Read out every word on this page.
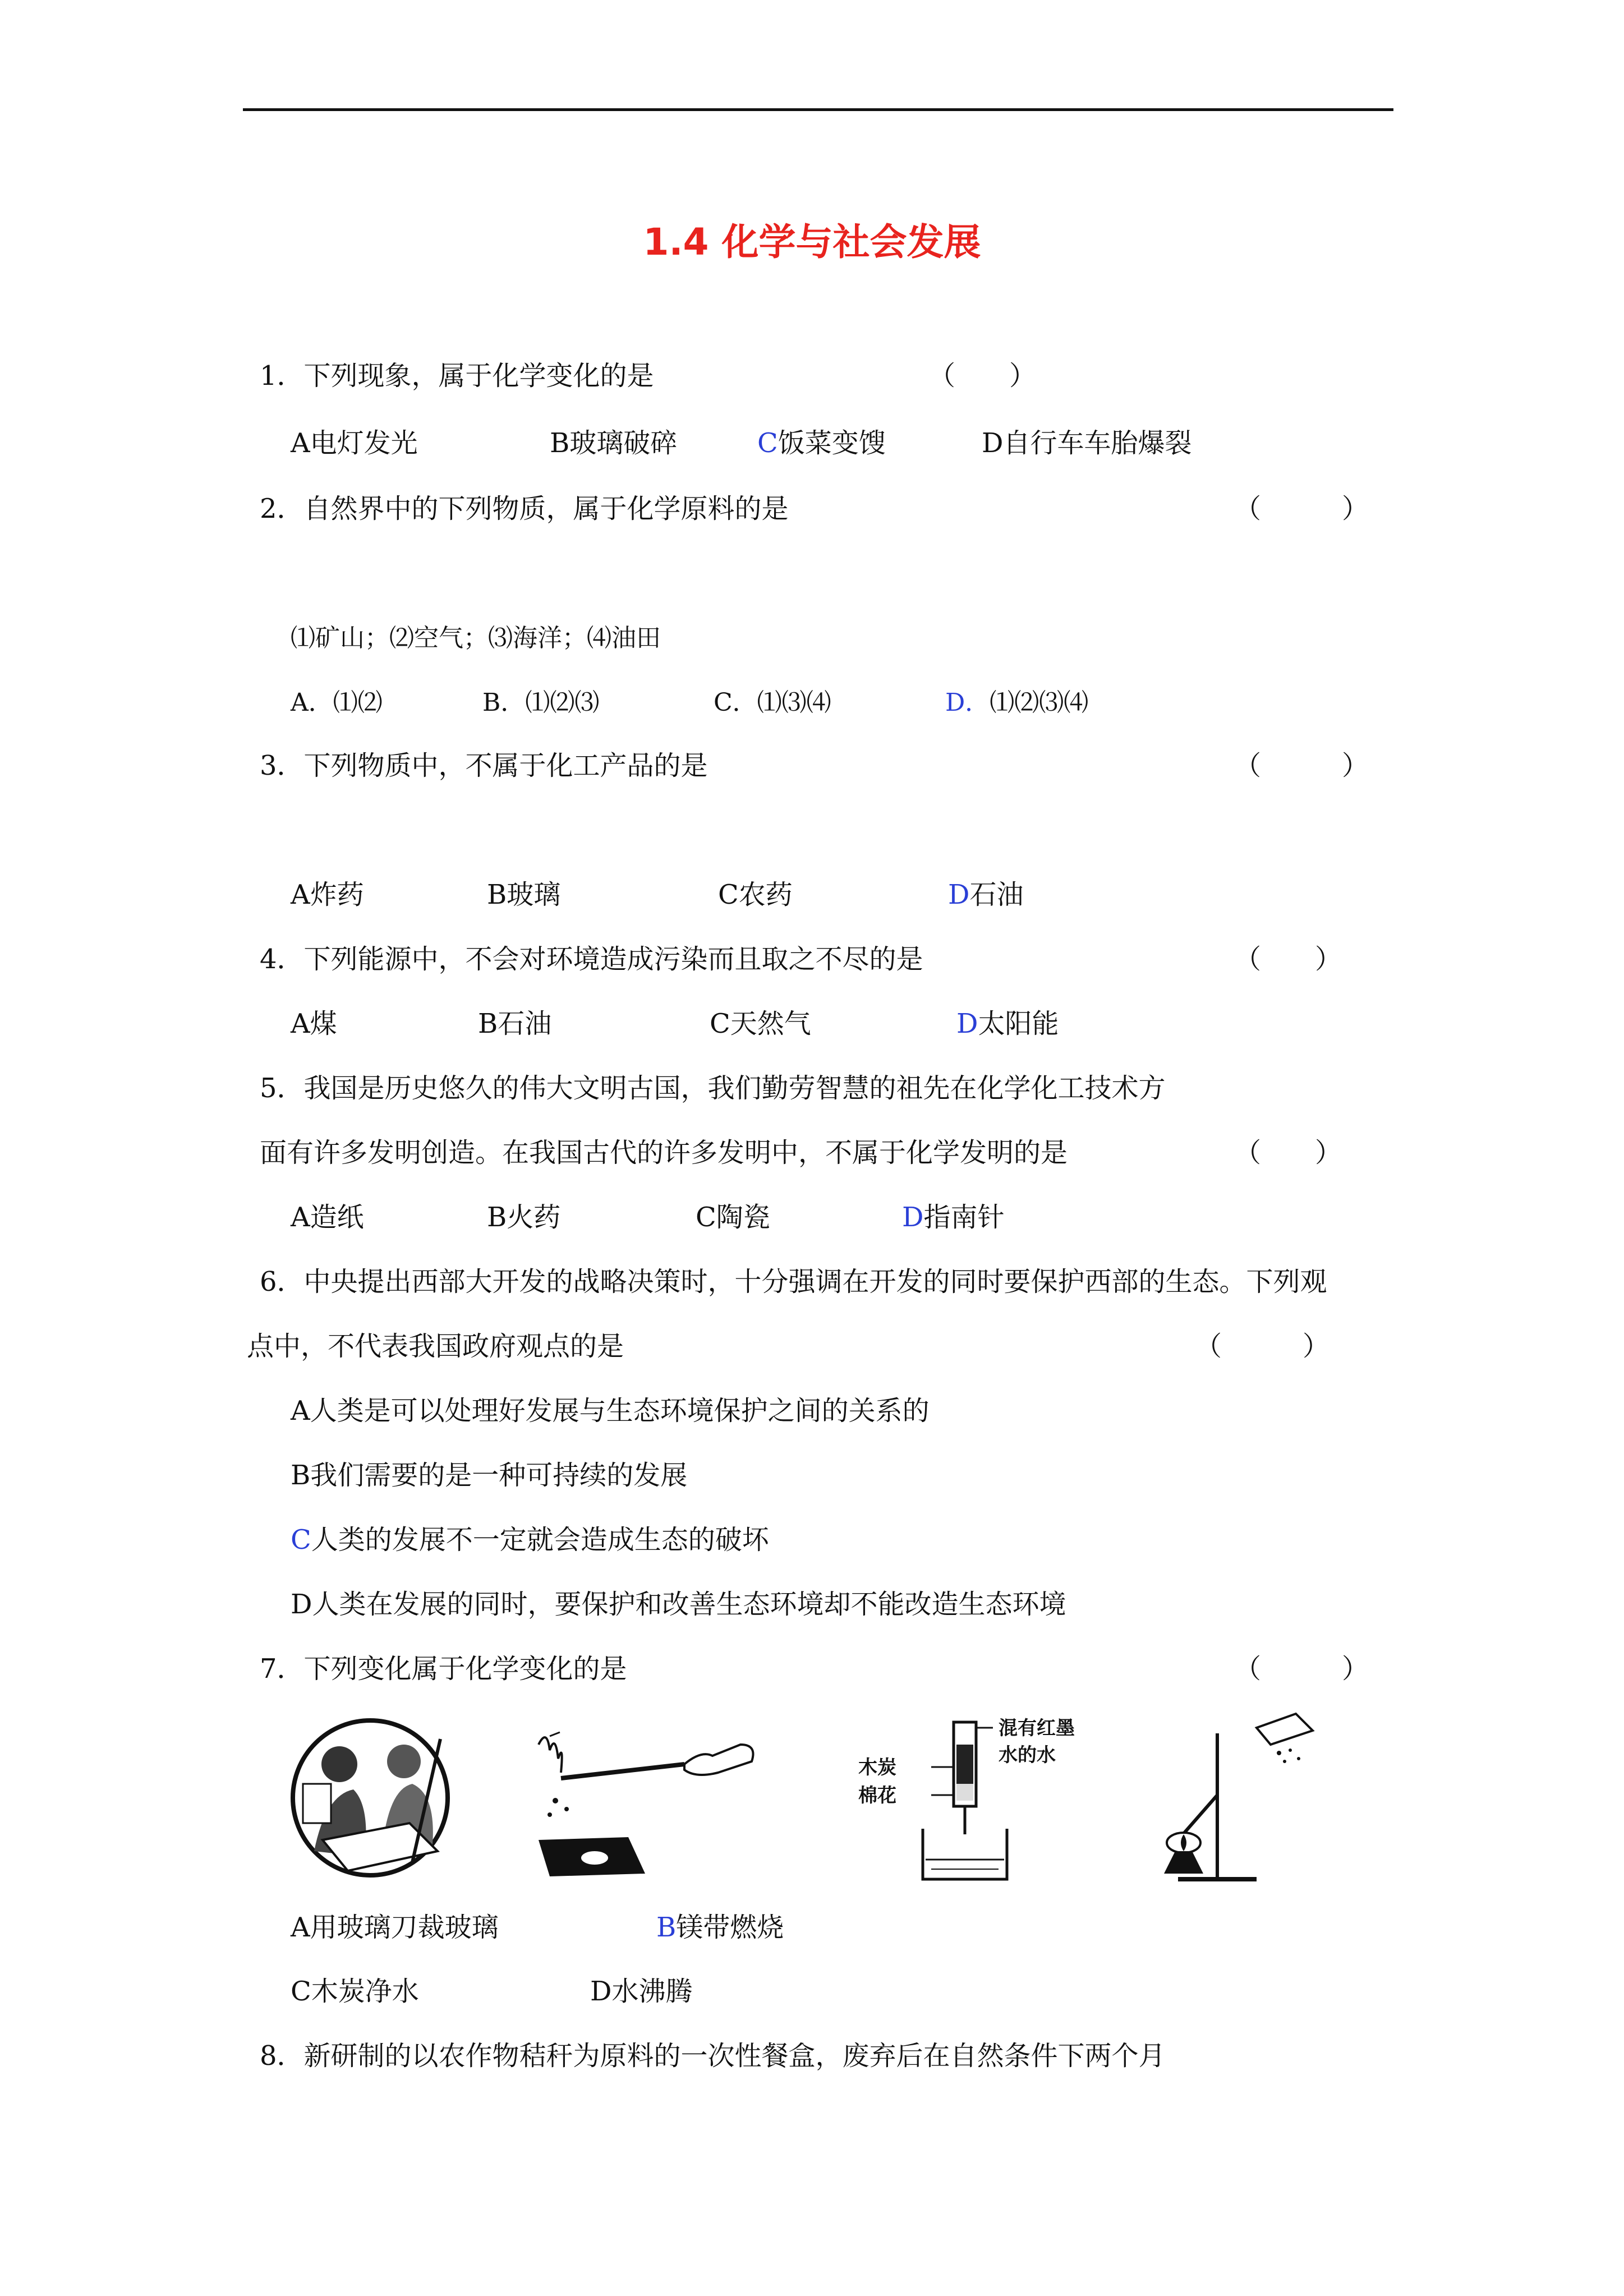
1.4 化学与社会发展
1．下列现象，属于化学变化的是	（　　）
A电灯发光	B玻璃破碎	C饭菜变馊	D自行车车胎爆裂
2．自然界中的下列物质，属于化学原料的是	（　　　）
⑴矿山；⑵空气；⑶海洋；⑷油田
A．⑴⑵	B．⑴⑵⑶	C．⑴⑶⑷	D．⑴⑵⑶⑷
3．下列物质中，不属于化工产品的是	（　　　）
A炸药	B玻璃	C农药	D石油
4．下列能源中，不会对环境造成污染而且取之不尽的是	（　　）
A煤	B石油	C天然气	D太阳能
5．我国是历史悠久的伟大文明古国，我们勤劳智慧的祖先在化学化工技术方
面有许多发明创造。在我国古代的许多发明中，不属于化学发明的是	（　　）
A造纸	B火药	C陶瓷	D指南针
6．中央提出西部大开发的战略决策时，十分强调在开发的同时要保护西部的生态。下列观
点中，不代表我国政府观点的是	（　　　）
A人类是可以处理好发展与生态环境保护之间的关系的
B我们需要的是一种可持续的发展
C人类的发展不一定就会造成生态的破坏
D人类在发展的同时，要保护和改善生态环境却不能改造生态环境
7．下列变化属于化学变化的是	（　　　）
木炭
棉花
混有红墨
水的水
A用玻璃刀裁玻璃	B镁带燃烧
C木炭净水	D水沸腾
8．新研制的以农作物秸秆为原料的一次性餐盒，废弃后在自然条件下两个月
